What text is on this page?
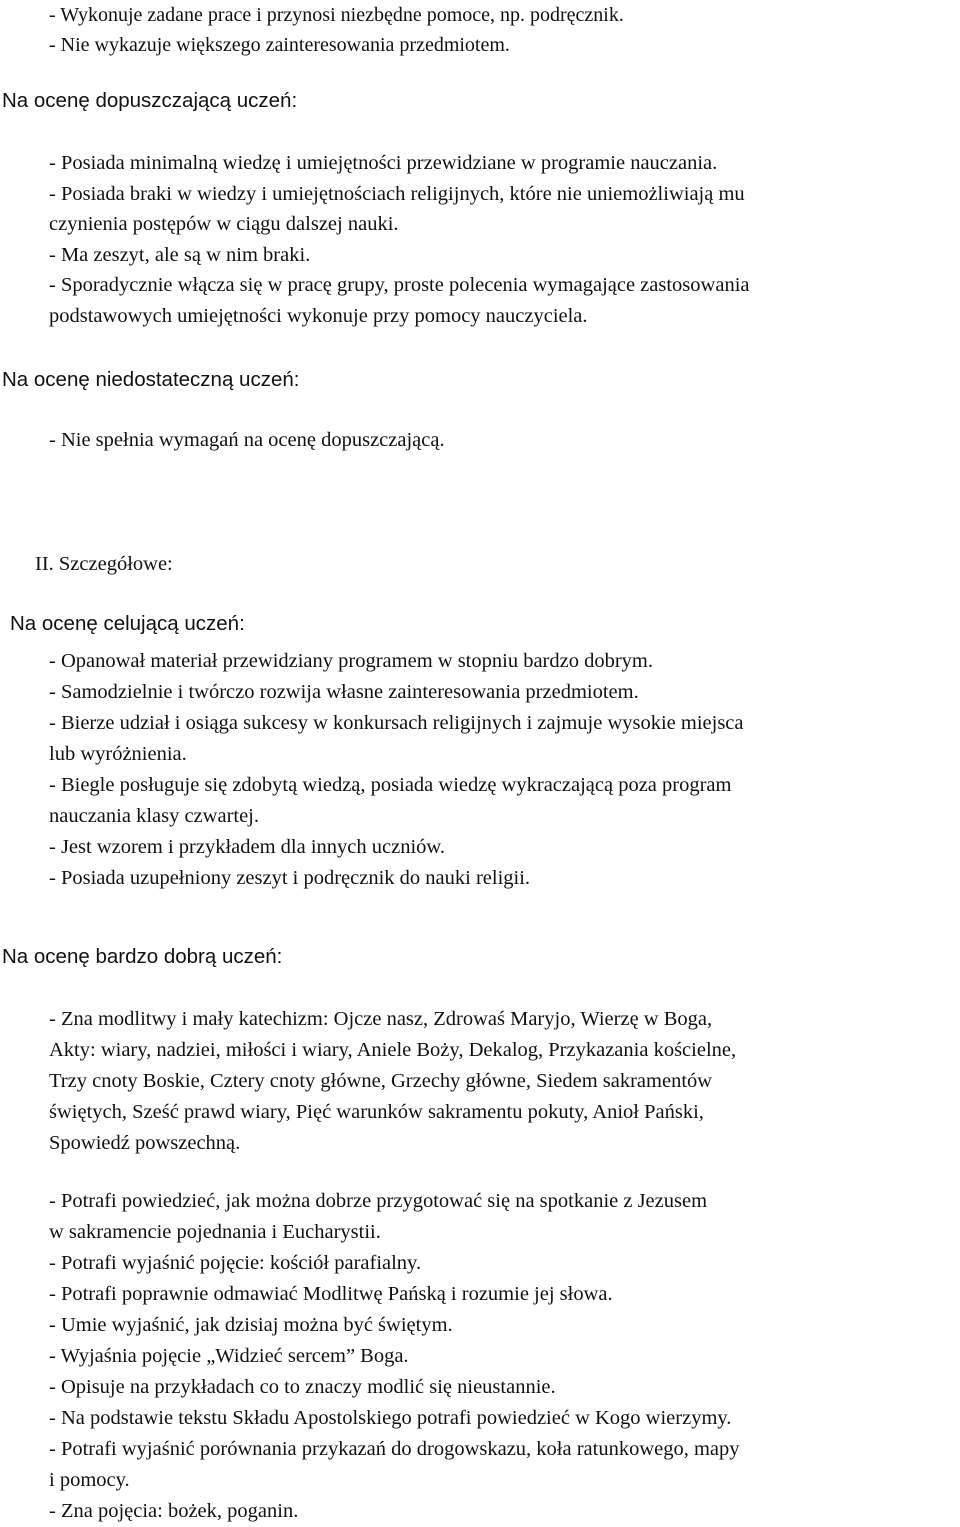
- Wykonuje zadane prace i przynosi niezbędne pomoce, np. podręcznik.
- Nie wykazuje większego zainteresowania przedmiotem.
Na ocenę dopuszczającą uczeń:
- Posiada minimalną wiedzę i umiejętności przewidziane w programie nauczania.
- Posiada braki w wiedzy i umiejętnościach religijnych, które nie uniemożliwiają mu
czynienia postępów w ciągu dalszej nauki.
- Ma zeszyt, ale są w nim braki.
- Sporadycznie włącza się w pracę grupy, proste polecenia wymagające zastosowania
podstawowych umiejętności wykonuje przy pomocy nauczyciela.
Na ocenę niedostateczną uczeń:
- Nie spełnia wymagań na ocenę dopuszczającą.
II. Szczegółowe:
Na ocenę celującą uczeń:
- Opanował materiał przewidziany programem w stopniu bardzo dobrym.
- Samodzielnie i twórczo rozwija własne zainteresowania przedmiotem.
- Bierze udział i osiąga sukcesy w konkursach religijnych i zajmuje wysokie miejsca
lub wyróżnienia.
- Biegle posługuje się zdobytą wiedzą, posiada wiedzę wykraczającą poza program
nauczania klasy czwartej.
- Jest wzorem i przykładem dla innych uczniów.
- Posiada uzupełniony zeszyt i podręcznik do nauki religii.
Na ocenę bardzo dobrą uczeń:
- Zna modlitwy i mały katechizm: Ojcze nasz, Zdrowaś Maryjo, Wierzę w Boga,
Akty: wiary, nadziei, miłości i wiary, Aniele Boży, Dekalog, Przykazania kościelne,
Trzy cnoty Boskie, Cztery cnoty główne, Grzechy główne, Siedem sakramentów
świętych, Sześć prawd wiary, Pięć warunków sakramentu pokuty, Anioł Pański,
Spowiedź powszechną.
- Potrafi powiedzieć, jak można dobrze przygotować się na spotkanie z Jezusem
w sakramencie pojednania i Eucharystii.
- Potrafi wyjaśnić pojęcie: kościół parafialny.
- Potrafi poprawnie odmawiać Modlitwę Pańską i rozumie jej słowa.
- Umie wyjaśnić, jak dzisiaj można być świętym.
- Wyjaśnia pojęcie „Widzieć sercem” Boga.
- Opisuje na przykładach co to znaczy modlić się nieustannie.
- Na podstawie tekstu Składu Apostolskiego potrafi powiedzieć w Kogo wierzymy.
- Potrafi wyjaśnić porównania przykazań do drogowskazu, koła ratunkowego, mapy
i pomocy.
- Zna pojęcia: bożek, poganin.
